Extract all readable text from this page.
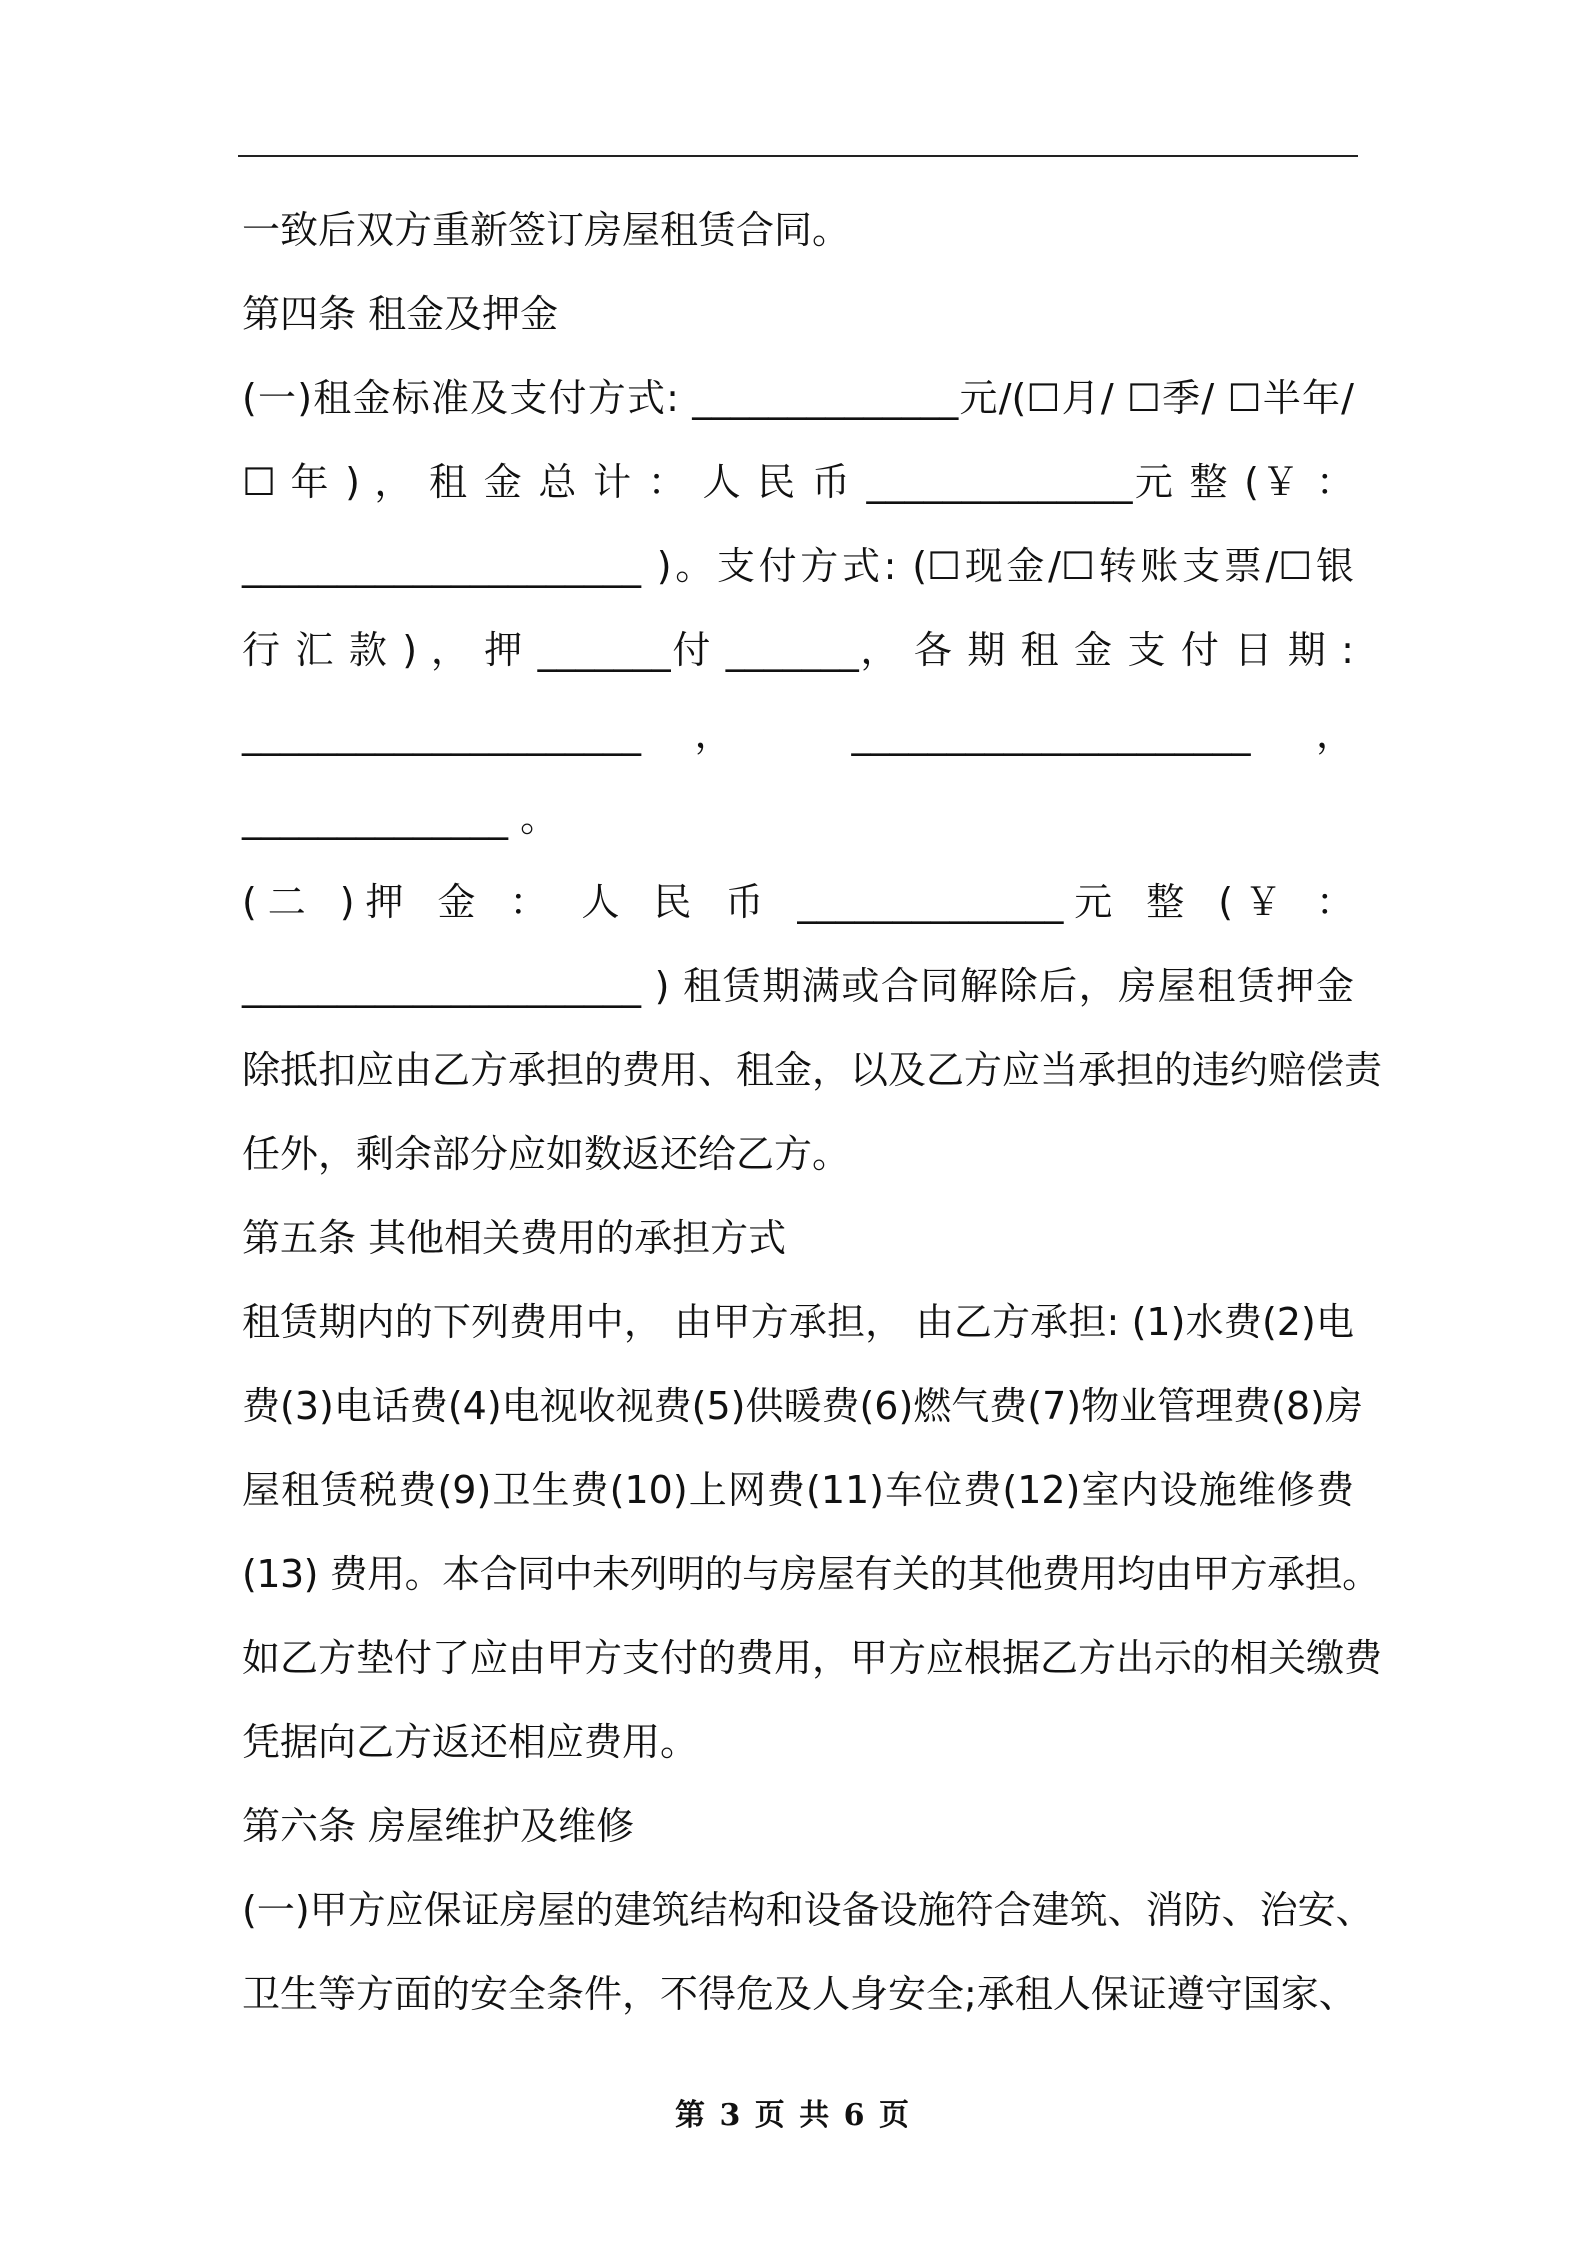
一致后双方重新签订房屋租赁合同。
第四条 租金及押金
(一)租金标准及支付方式: ______________元/(☐月/ ☐季/ ☐半年/
☐ 年 ) ， 租 金 总 计 ： 人 民 币 ______________元 整 (￥ ：
_____________________ )。支付方式: (☐现金/☐转账支票/☐银
行 汇 款 ) ， 押 _______付 _______， 各 期 租 金 支 付 日 期 :
_____________________， _____________________ ，
______________ 。
(二 )押 金 ： 人 民 币 ______________元 整 (￥ ：
_____________________ ) 租赁期满或合同解除后，房屋租赁押金
除抵扣应由乙方承担的费用、租金，以及乙方应当承担的违约赔偿责
任外，剩余部分应如数返还给乙方。
第五条 其他相关费用的承担方式
租赁期内的下列费用中， 由甲方承担， 由乙方承担: (1)水费(2)电
费(3)电话费(4)电视收视费(5)供暖费(6)燃气费(7)物业管理费(8)房
屋租赁税费(9)卫生费(10)上网费(11)车位费(12)室内设施维修费
(13) 费用。本合同中未列明的与房屋有关的其他费用均由甲方承担。
如乙方垫付了应由甲方支付的费用，甲方应根据乙方出示的相关缴费
凭据向乙方返还相应费用。
第六条 房屋维护及维修
(一)甲方应保证房屋的建筑结构和设备设施符合建筑、消防、治安、
卫生等方面的安全条件，不得危及人身安全;承租人保证遵守国家、
第 3 页 共 6 页
